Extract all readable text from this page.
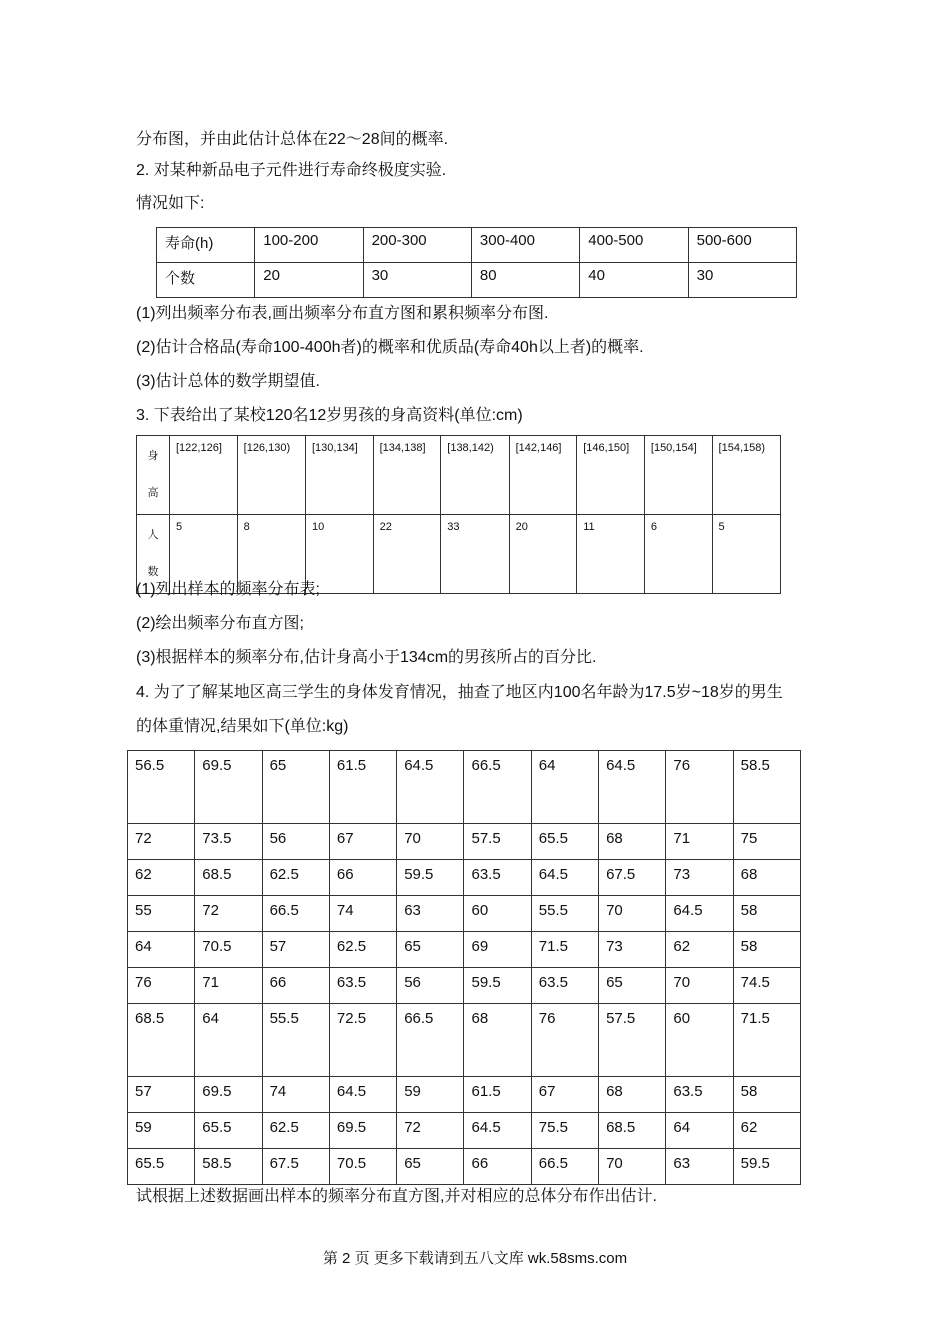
分布图，并由此估计总体在22～28间的概率.
2. 对某种新品电子元件进行寿命终极度实验.
情况如下:
寿命(h)	100-200	200-300	300-400	400-500	500-600
个数	20	30	80	40	30
(1)列出频率分布表,画出频率分布直方图和累积频率分布图.
(2)估计合格品(寿命100-400h者)的概率和优质品(寿命40h以上者)的概率.
(3)估计总体的数学期望值.
3. 下表给出了某校120名12岁男孩的身高资料(单位:cm)
身
高	[122,126]	[126,130)	[130,134]	[134,138]	[138,142)	[142,146]	[146,150]	[150,154]	[154,158)

人
数	5	8	10	22	33	20	11	6	5
(1)列出样本的频率分布表;
(2)绘出频率分布直方图;
(3)根据样本的频率分布,估计身高小于134cm的男孩所占的百分比.
4. 为了了解某地区高三学生的身体发育情况，抽查了地区内100名年龄为17.5岁~18岁的男生
的体重情况,结果如下(单位:kg)
56.5	69.5	65	61.5	64.5	66.5	64	64.5	76	58.5
72	73.5	56	67	70	57.5	65.5	68	71	75
62	68.5	62.5	66	59.5	63.5	64.5	67.5	73	68
55	72	66.5	74	63	60	55.5	70	64.5	58
64	70.5	57	62.5	65	69	71.5	73	62	58
76	71	66	63.5	56	59.5	63.5	65	70	74.5
68.5	64	55.5	72.5	66.5	68	76	57.5	60	71.5
57	69.5	74	64.5	59	61.5	67	68	63.5	58
59	65.5	62.5	69.5	72	64.5	75.5	68.5	64	62
65.5	58.5	67.5	70.5	65	66	66.5	70	63	59.5
试根据上述数据画出样本的频率分布直方图,并对相应的总体分布作出估计.
第 2 页 更多下载请到五八文库 wk.58sms.com
